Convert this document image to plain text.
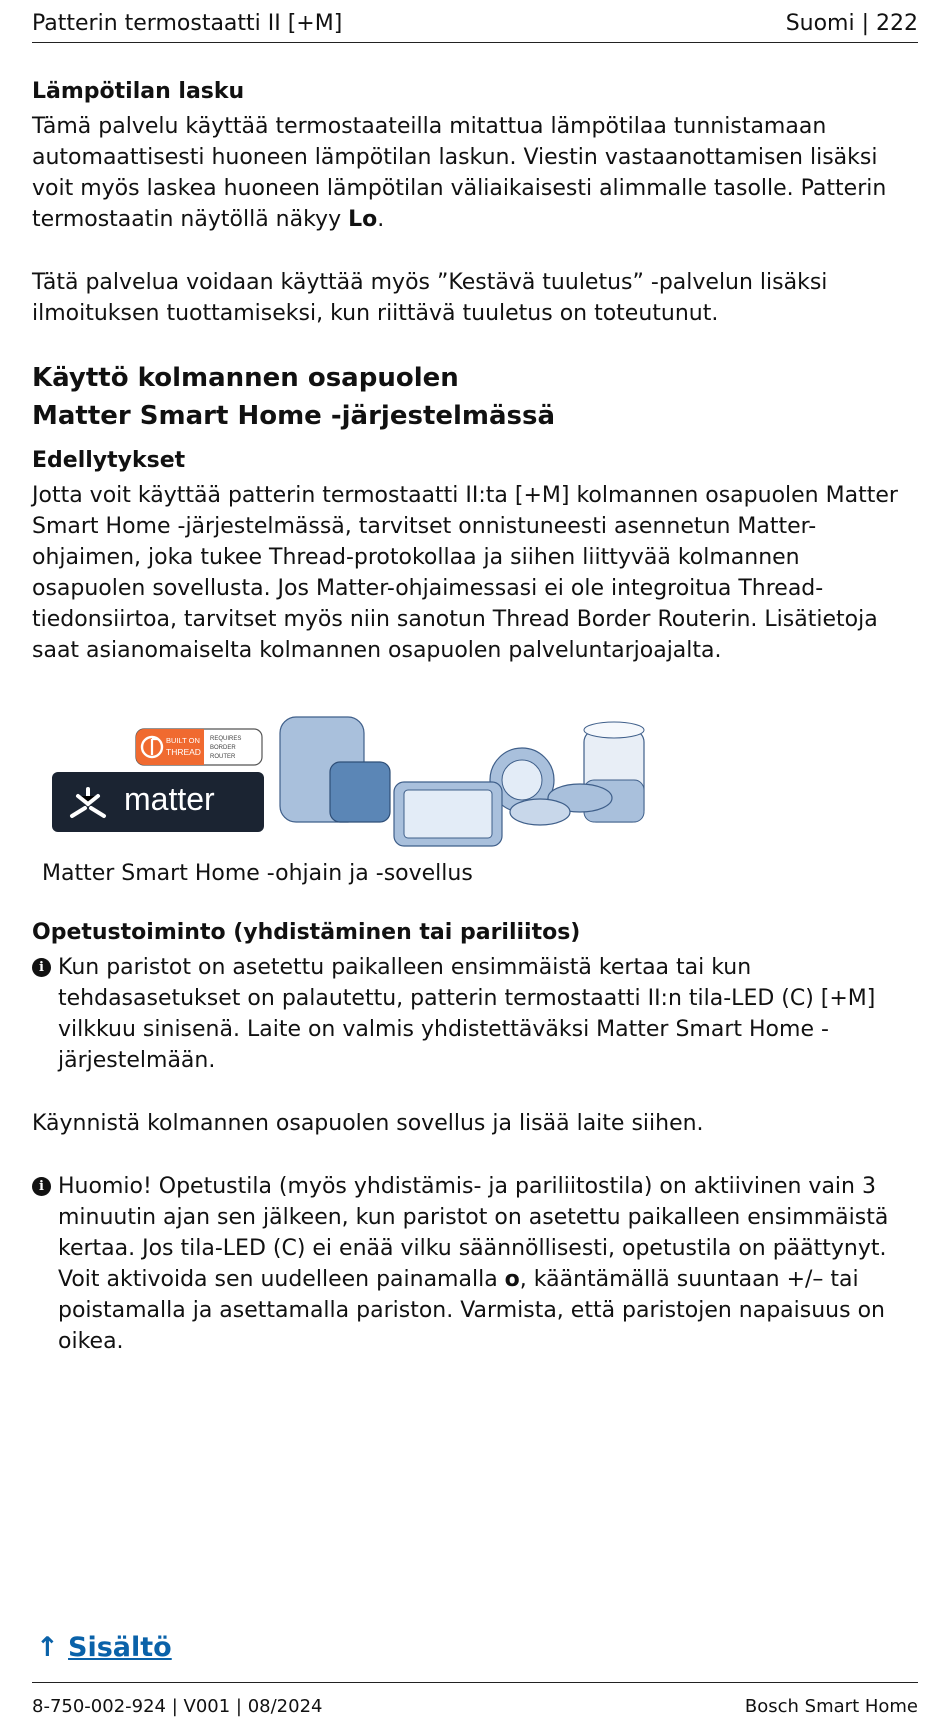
Patterin termostaatti II [+M]	Suomi | 222
Lämpötilan lasku

Tämä palvelu käyttää termostaateilla mitattua lämpötilaa tunnistamaan automaattisesti huoneen lämpötilan laskun. Viestin vastaanottamisen lisäksi voit myös laskea huoneen lämpötilan väliaikaisesti alimmalle tasolle. Patterin termostaatin näytöllä näkyy Lo.

Tätä palvelua voidaan käyttää myös ”Kestävä tuuletus” -palvelun lisäksi ilmoituksen tuottamiseksi, kun riittävä tuuletus on toteutunut.

Käyttö kolmannen osapuolen
Matter Smart Home -järjestelmässä
Edellytykset

Jotta voit käyttää patterin termostaatti II:ta [+M] kolmannen osapuolen Matter Smart Home -järjestelmässä, tarvitset onnistuneesti asennetun Matter-ohjaimen, joka tukee Thread-protokollaa ja siihen liittyvää kolmannen osapuolen sovellusta. Jos Matter-ohjaimessasi ei ole integroitua Thread-tiedonsiirtoa, tarvitset myös niin sanotun Thread Border Routerin. Lisätietoja saat asianomaiselta kolmannen osapuolen palveluntarjoajalta.

BUILT ON
THREAD
REQUIRES
BORDER
ROUTER
matter
Matter Smart Home -ohjain ja -sovellus
Opetustoiminto (yhdistäminen tai pariliitos)
i Kun paristot on asetettu paikalleen ensimmäistä kertaa tai kun tehdasasetukset on palautettu, patterin termostaatti II:n tila-LED (C) [+M] vilkkuu sinisenä. Laite on valmis yhdistettäväksi Matter Smart Home -järjestelmään.

Käynnistä kolmannen osapuolen sovellus ja lisää laite siihen.

i Huomio! Opetustila (myös yhdistämis- ja pariliitostila) on aktiivinen vain 3 minuutin ajan sen jälkeen, kun paristot on asetettu paikalleen ensimmäistä kertaa. Jos tila-LED (C) ei enää vilku säännöllisesti, opetustila on päättynyt. Voit aktivoida sen uudelleen painamalla o, kääntämällä suuntaan +/– tai poistamalla ja asettamalla pariston. Varmista, että paristojen napaisuus on oikea.
↑ Sisältö
8-750-002-924 | V001 | 08/2024	Bosch Smart Home
